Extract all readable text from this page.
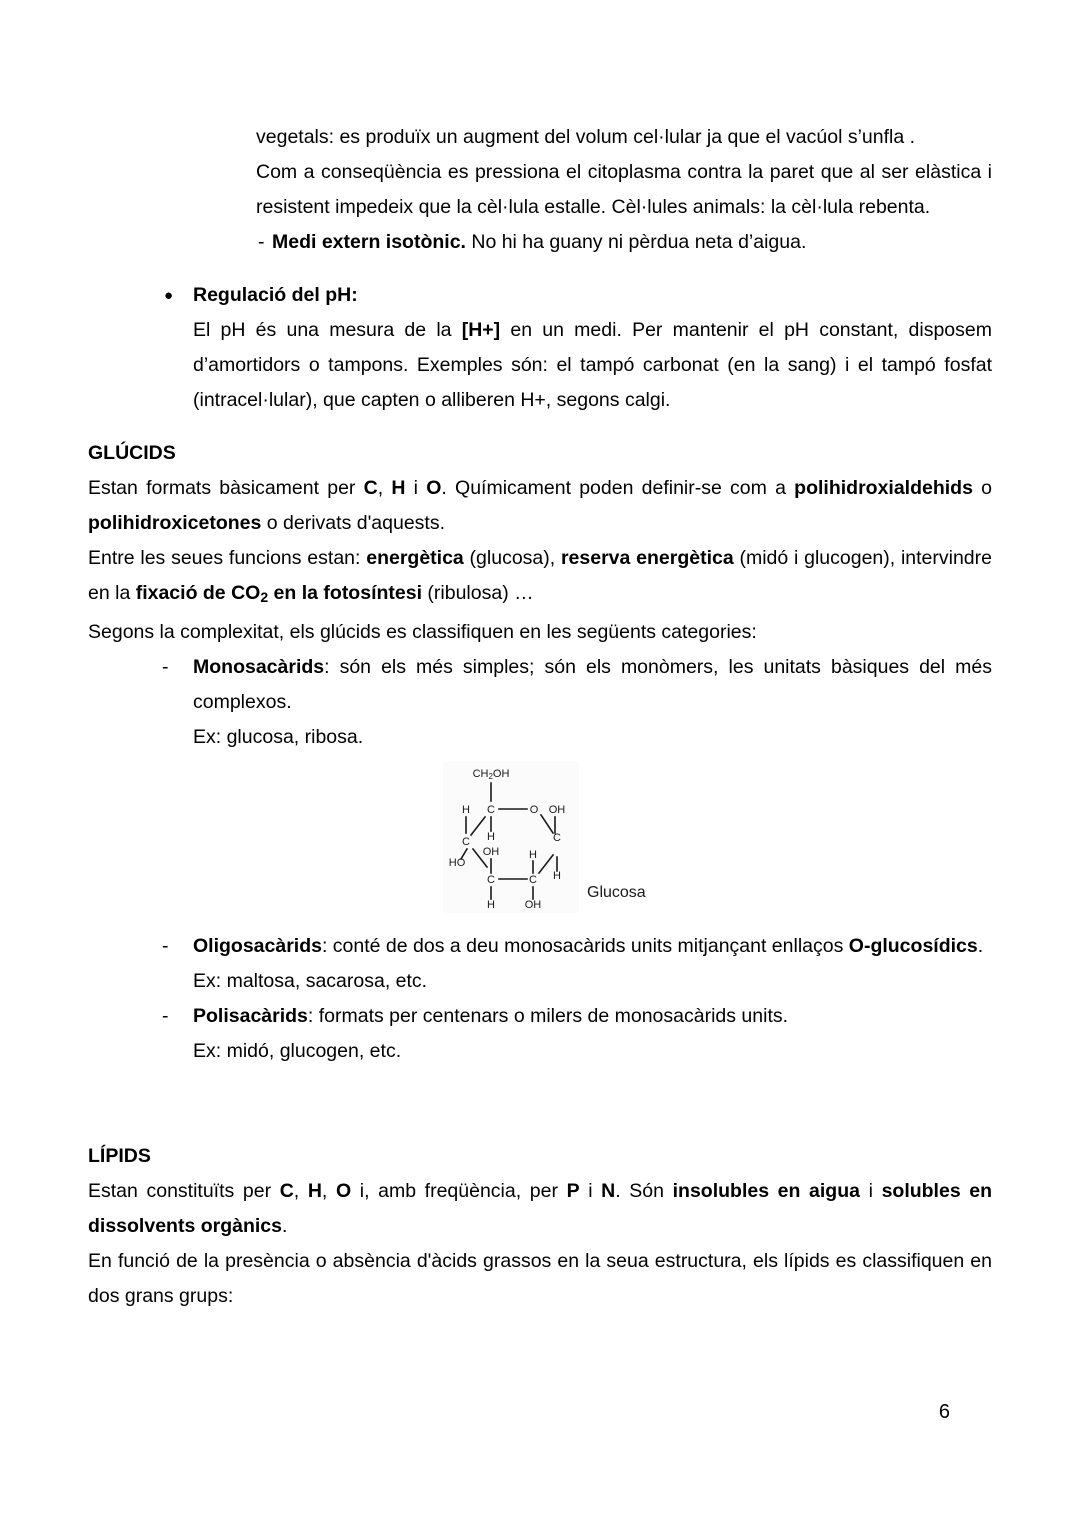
vegetals: es produïx un augment del volum cel·lular ja que el vacúol s’unfla .

Com a conseqüència es pressiona el citoplasma contra la paret que al ser elàstica i resistent impedeix que la cèl·lula estalle. Cèl·lules animals: la cèl·lula rebenta.

- Medi extern isotònic. No hi ha guany ni pèrdua neta d’aigua.
● Regulació del pH:

El pH és una mesura de la [H+] en un medi. Per mantenir el pH constant, disposem d’amortidors o tampons. Exemples són: el tampó carbonat (en la sang) i el tampó fosfat (intracel·lular), que capten o alliberen H+, segons calgi.

GLÚCIDS

Estan formats bàsicament per C, H i O. Químicament poden definir-se com a polihidroxialdehids o polihidroxicetones o derivats d'aquests.

Entre les seues funcions estan: energètica (glucosa), reserva energètica (midó i glucogen), intervindre en la fixació de $CO_2$ en la fotosíntesi (ribulosa) …

Segons la complexitat, els glúcids es classifiquen en les següents categories:

- Monosacàrids: són els més simples; són els monòmers, les unitats bàsiques del més complexos.

Ex: glucosa, ribosa.

CH2OH
C	O
H
H
OH
C	C
HO
OH	H
H
C	C
H	OH
Glucosa
- Oligosacàrids: conté de dos a deu monosacàrids units mitjançant enllaços O-glucosídics.

Ex: maltosa, sacarosa, etc.

- Polisacàrids: formats per centenars o milers de monosacàrids units.

Ex: midó, glucogen, etc.

LÍPIDS

Estan constituïts per C, H, O i, amb freqüència, per P i N. Són insolubles en aigua i solubles en dissolvents orgànics.

En funció de la presència o absència d'àcids grassos en la seua estructura, els lípids es classifiquen en dos grans grups:

6
